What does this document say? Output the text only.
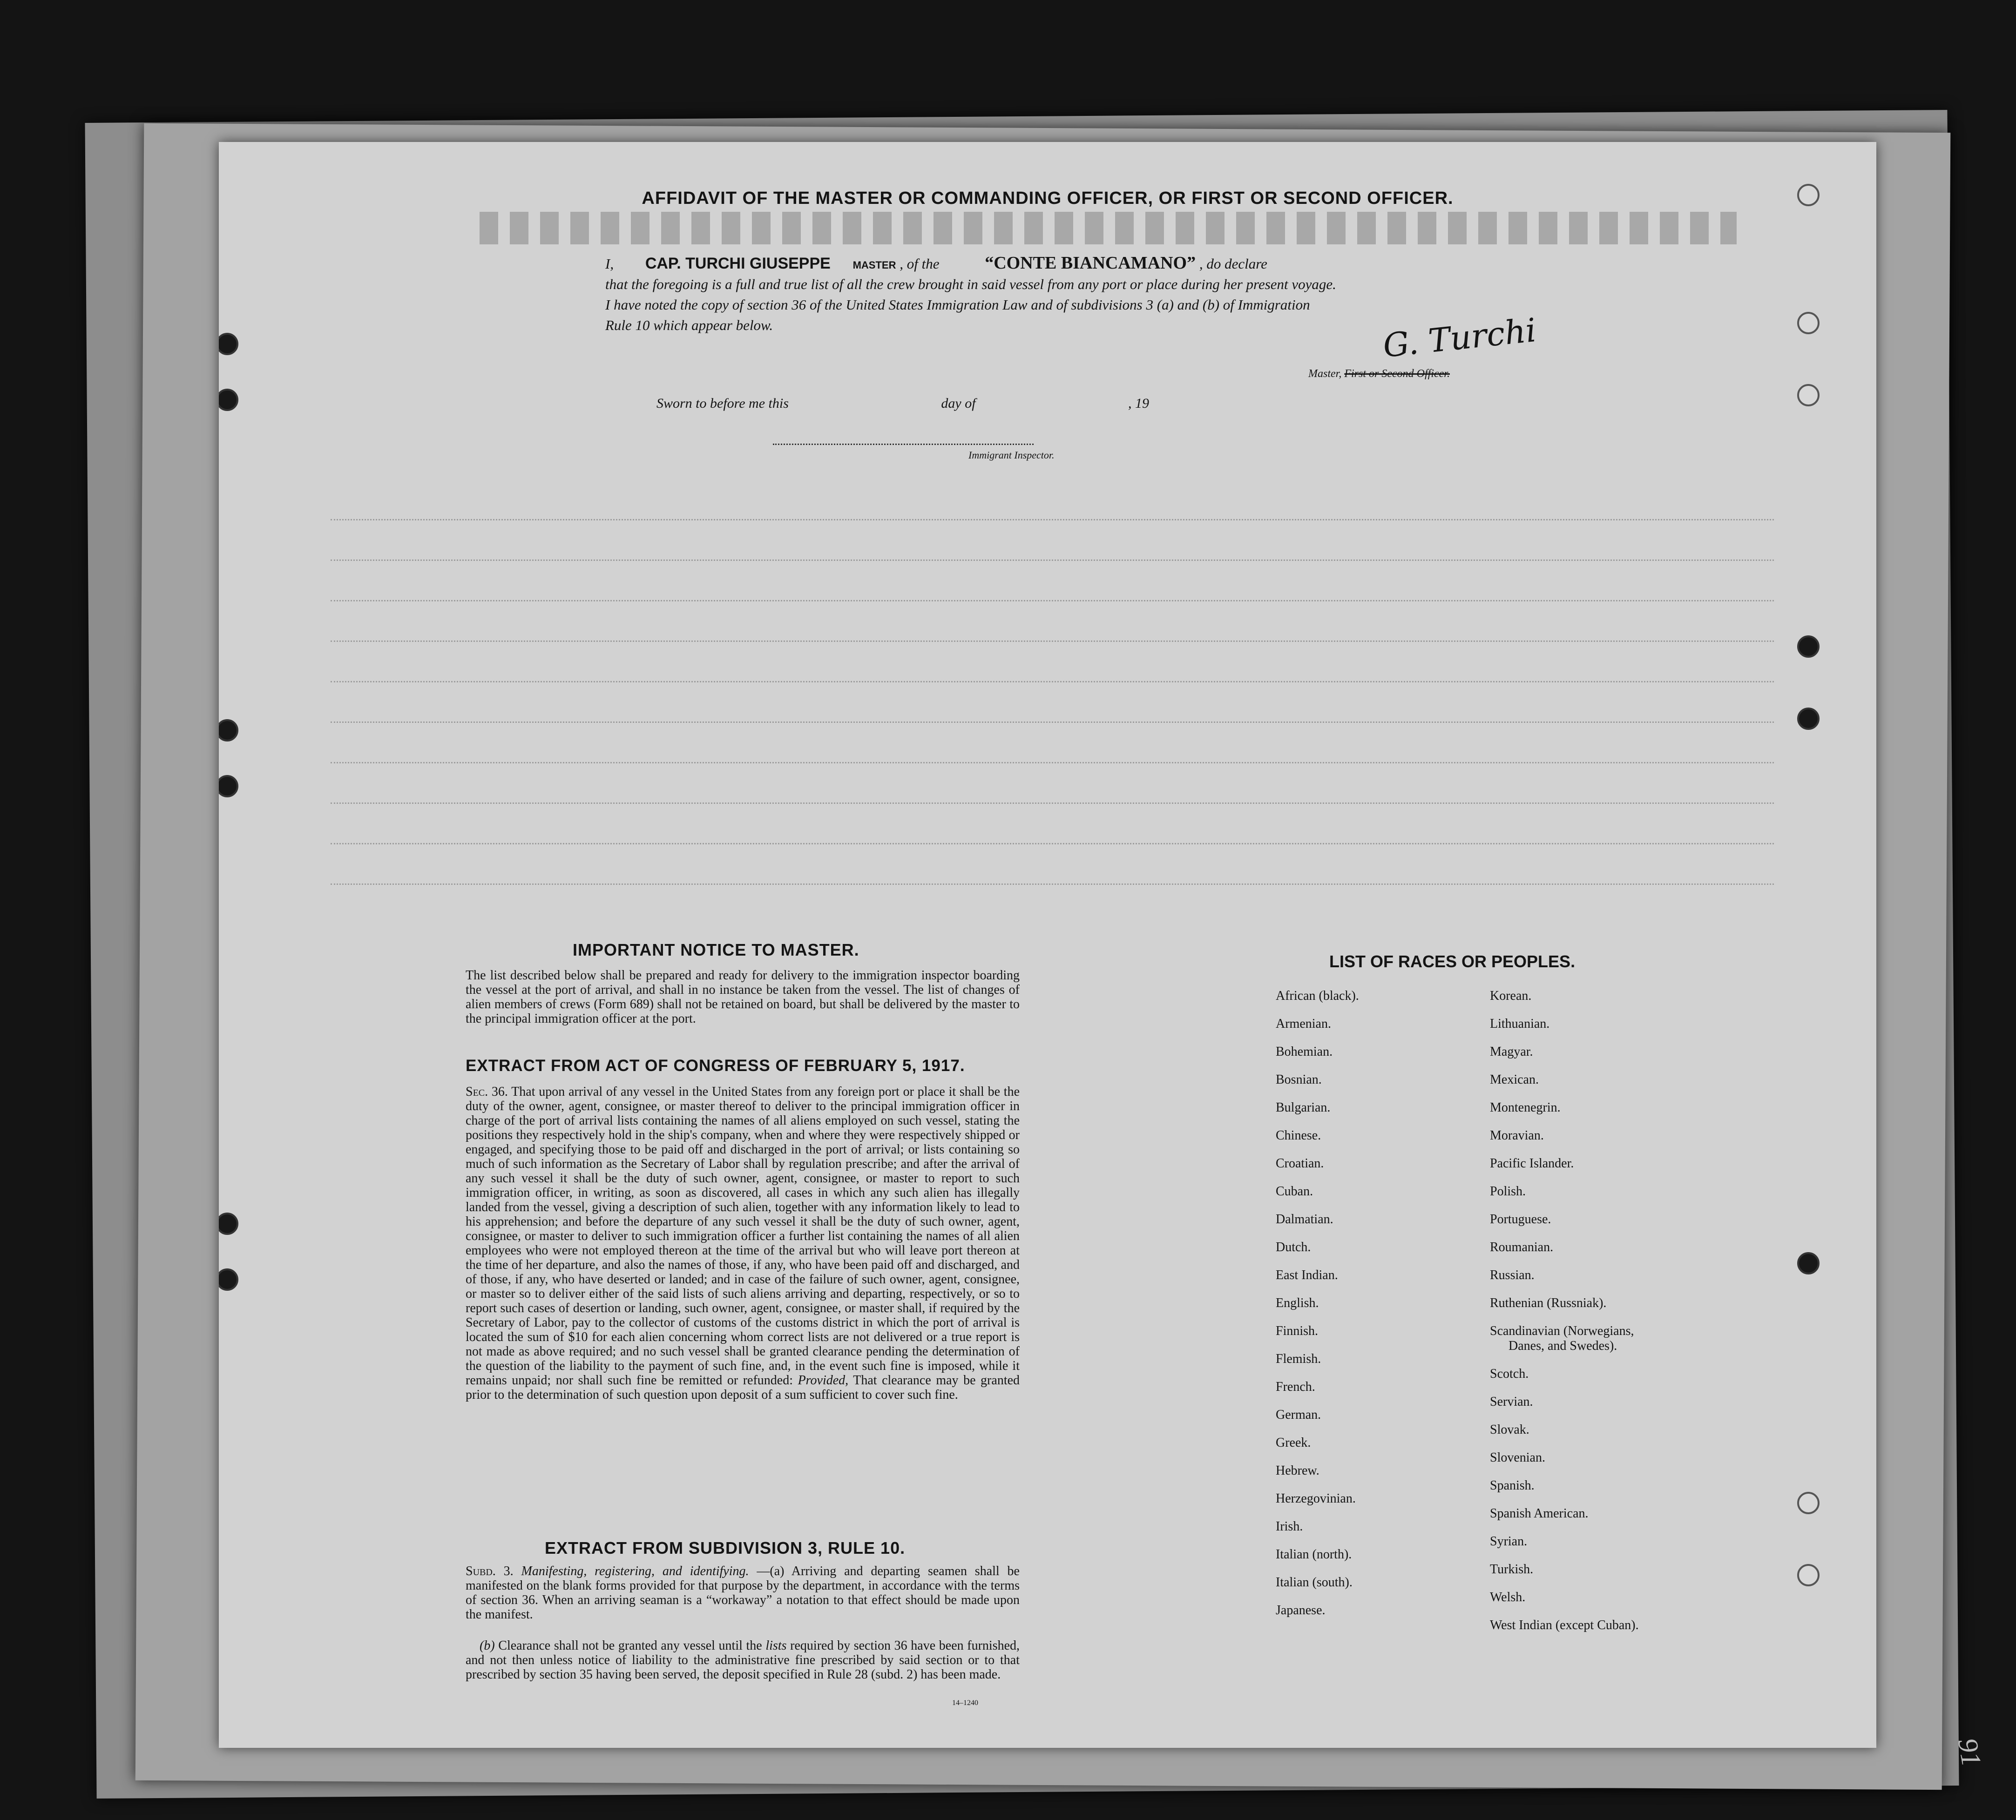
AFFIDAVIT OF THE MASTER OR COMMANDING OFFICER, OR FIRST OR SECOND OFFICER.
I, CAP. TURCHI GIUSEPPE MASTER , of the	“CONTE BIANCAMANO” , do declare
that the foregoing is a full and true list of all the crew brought in said vessel from any port or place during her present voyage.
I have noted the copy of section 36 of the United States Immigration Law and of subdivisions 3 (a) and (b) of Immigration
Rule 10 which appear below.	G. Turchi
Master, First or Second Officer.
Sworn to before me this	day of	, 19
Immigrant Inspector.
IMPORTANT NOTICE TO MASTER.
The list described below shall be prepared and ready for delivery to the immigration inspector boarding the vessel at the port of arrival, and shall in no instance be taken from the vessel. The list of changes of alien members of crews (Form 689) shall not be retained on board, but shall be delivered by the master to the principal immigration officer at the port.
EXTRACT FROM ACT OF CONGRESS OF FEBRUARY 5, 1917.
Sec. 36. That upon arrival of any vessel in the United States from any foreign port or place it shall be the duty of the owner, agent, consignee, or master thereof to deliver to the principal immigration officer in charge of the port of arrival lists containing the names of all aliens employed on such vessel, stating the positions they respectively hold in the ship's company, when and where they were respectively shipped or engaged, and specifying those to be paid off and discharged in the port of arrival; or lists containing so much of such information as the Secretary of Labor shall by regulation prescribe; and after the arrival of any such vessel it shall be the duty of such owner, agent, consignee, or master to report to such immigration officer, in writing, as soon as discovered, all cases in which any such alien has illegally landed from the vessel, giving a description of such alien, together with any information likely to lead to his apprehension; and before the departure of any such vessel it shall be the duty of such owner, agent, consignee, or master to deliver to such immigration officer a further list containing the names of all alien employees who were not employed thereon at the time of the arrival but who will leave port thereon at the time of her departure, and also the names of those, if any, who have been paid off and discharged, and of those, if any, who have deserted or landed; and in case of the failure of such owner, agent, consignee, or master so to deliver either of the said lists of such aliens arriving and departing, respectively, or so to report such cases of desertion or landing, such owner, agent, consignee, or master shall, if required by the Secretary of Labor, pay to the collector of customs of the customs district in which the port of arrival is located the sum of $10 for each alien concerning whom correct lists are not delivered or a true report is not made as above required; and no such vessel shall be granted clearance pending the determination of the question of the liability to the payment of such fine, and, in the event such fine is imposed, while it remains unpaid; nor shall such fine be remitted or refunded: Provided, That clearance may be granted prior to the determination of such question upon deposit of a sum sufficient to cover such fine.
EXTRACT FROM SUBDIVISION 3, RULE 10.
Subd. 3. Manifesting, registering, and identifying. —(a) Arriving and departing seamen shall be manifested on the blank forms provided for that purpose by the department, in accordance with the terms of section 36. When an arriving seaman is a “workaway” a notation to that effect should be made upon the manifest.
(b) Clearance shall not be granted any vessel until the lists required by section 36 have been furnished, and not then unless notice of liability to the administrative fine prescribed by said section or to that prescribed by section 35 having been served, the deposit specified in Rule 28 (subd. 2) has been made.
14–1240
LIST OF RACES OR PEOPLES.
African (black).
Armenian.
Bohemian.
Bosnian.
Bulgarian.
Chinese.
Croatian.
Cuban.
Dalmatian.
Dutch.
East Indian.
English.
Finnish.
Flemish.
French.
German.
Greek.
Hebrew.
Herzegovinian.
Irish.
Italian (north).
Italian (south).
Japanese.
Korean.
Lithuanian.
Magyar.
Mexican.
Montenegrin.
Moravian.
Pacific Islander.
Polish.
Portuguese.
Roumanian.
Russian.
Ruthenian (Russniak).
Scandinavian (Norwegians,
Danes, and Swedes).
Scotch.
Servian.
Slovak.
Slovenian.
Spanish.
Spanish American.
Syrian.
Turkish.
Welsh.
West Indian (except Cuban).
91
